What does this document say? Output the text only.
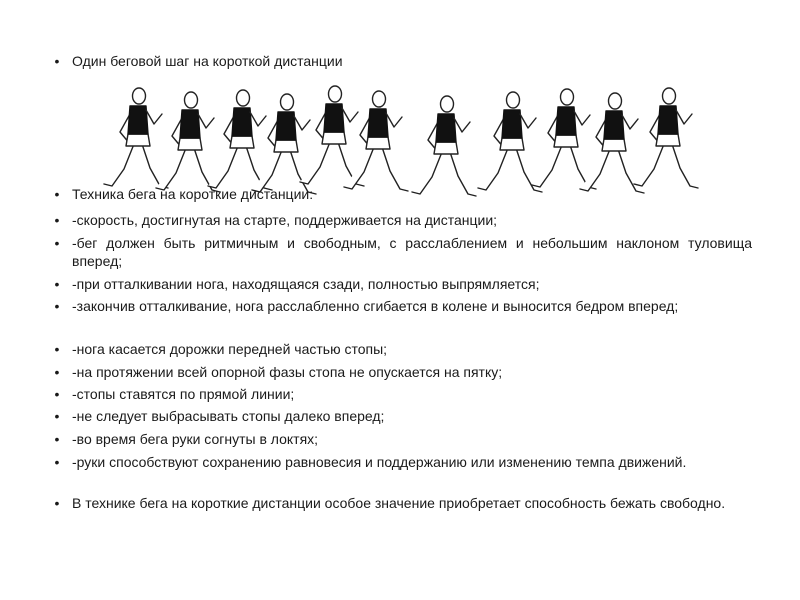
• Один беговой шаг на короткой дистанции
• Техника бега на короткие дистанции:
• -скорость, достигнутая на старте, поддерживается на дистанции;
• -бег должен быть ритмичным и свободным, с расслаблением и небольшим наклоном туловища вперед;
• -при отталкивании нога, находящаяся сзади, полностью выпрямляется;
• -закончив отталкивание, нога расслабленно сгибается в колене и выносится бедром вперед;
• -нога касается дорожки передней частью стопы;
• -на протяжении всей опорной фазы стопа не опускается на пятку;
• -стопы ставятся по прямой линии;
• -не следует выбрасывать стопы далеко вперед;
• -во время бега руки согнуты в локтях;
• -руки способствуют сохранению равновесия и поддержанию или изменению темпа движений.
• В технике бега на короткие дистанции особое значение приобретает способность бежать свободно.
